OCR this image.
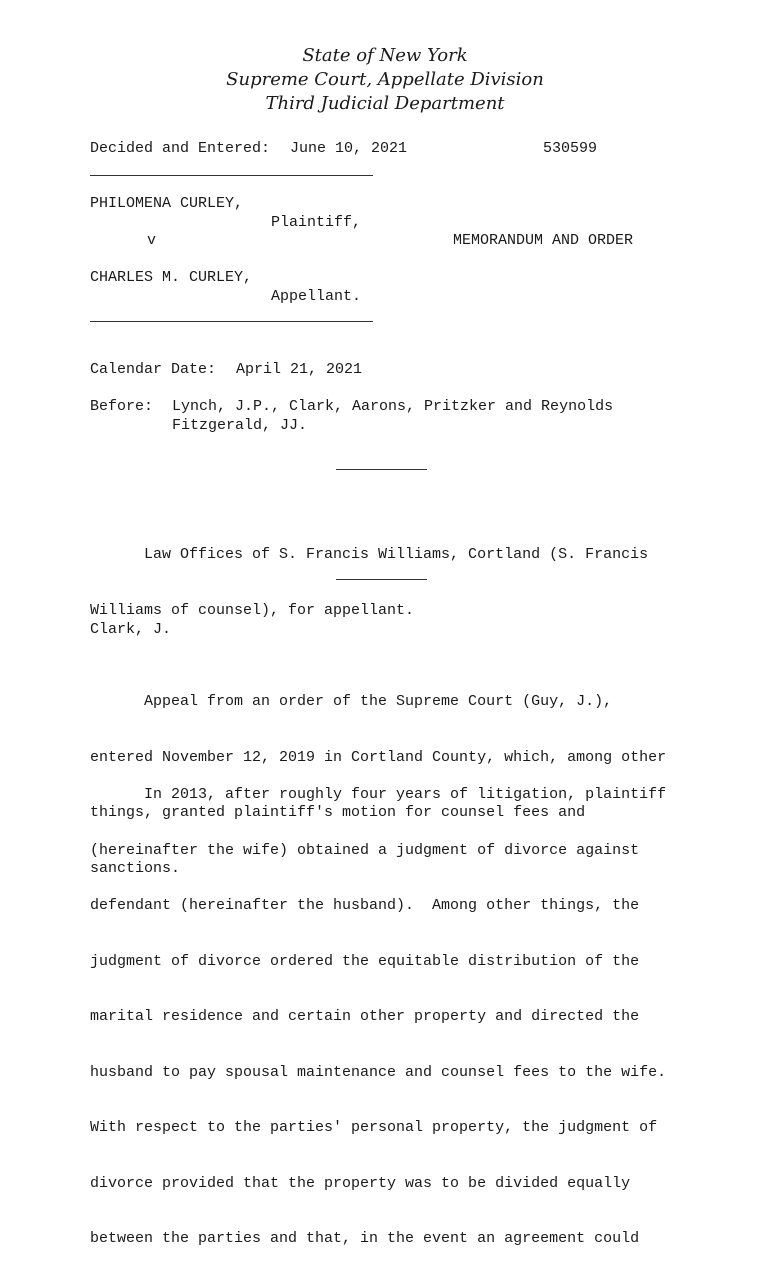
State of New York
Supreme Court, Appellate Division
Third Judicial Department
Decided and Entered: June 10, 2021	530599
PHILOMENA CURLEY,
Plaintiff,
v	MEMORANDUM AND ORDER
CHARLES M. CURLEY,
Appellant.
Calendar Date: April 21, 2021
Before: Lynch, J.P., Clark, Aarons, Pritzker and Reynolds
Fitzgerald, JJ.

Law Offices of S. Francis Williams, Cortland (S. Francis

Williams of counsel), for appellant.

Clark, J.

Appeal from an order of the Supreme Court (Guy, J.),

entered November 12, 2019 in Cortland County, which, among other

things, granted plaintiff's motion for counsel fees and

sanctions.

In 2013, after roughly four years of litigation, plaintiff

(hereinafter the wife) obtained a judgment of divorce against

defendant (hereinafter the husband).  Among other things, the

judgment of divorce ordered the equitable distribution of the

marital residence and certain other property and directed the

husband to pay spousal maintenance and counsel fees to the wife.

With respect to the parties' personal property, the judgment of

divorce provided that the property was to be divided equally

between the parties and that, in the event an agreement could
